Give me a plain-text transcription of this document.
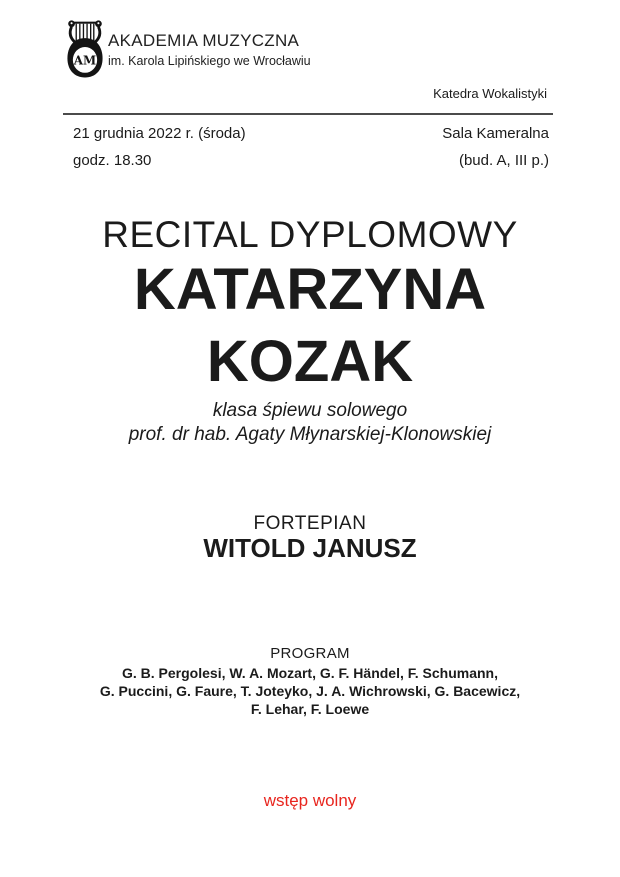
AM
AKADEMIA MUZYCZNA
im. Karola Lipińskiego we Wrocławiu
Katedra Wokalistyki
21 grudnia 2022 r. (środa)
godz. 18.30
Sala Kameralna
(bud. A, III p.)
RECITAL DYPLOMOWY
KATARZYNA
KOZAK
klasa śpiewu solowego
prof. dr hab. Agaty Młynarskiej-Klonowskiej
FORTEPIAN
WITOLD JANUSZ
PROGRAM
G. B. Pergolesi, W. A. Mozart, G. F. Händel, F. Schumann,
G. Puccini, G. Faure, T. Joteyko, J. A. Wichrowski, G. Bacewicz,
F. Lehar, F. Loewe
wstęp wolny
